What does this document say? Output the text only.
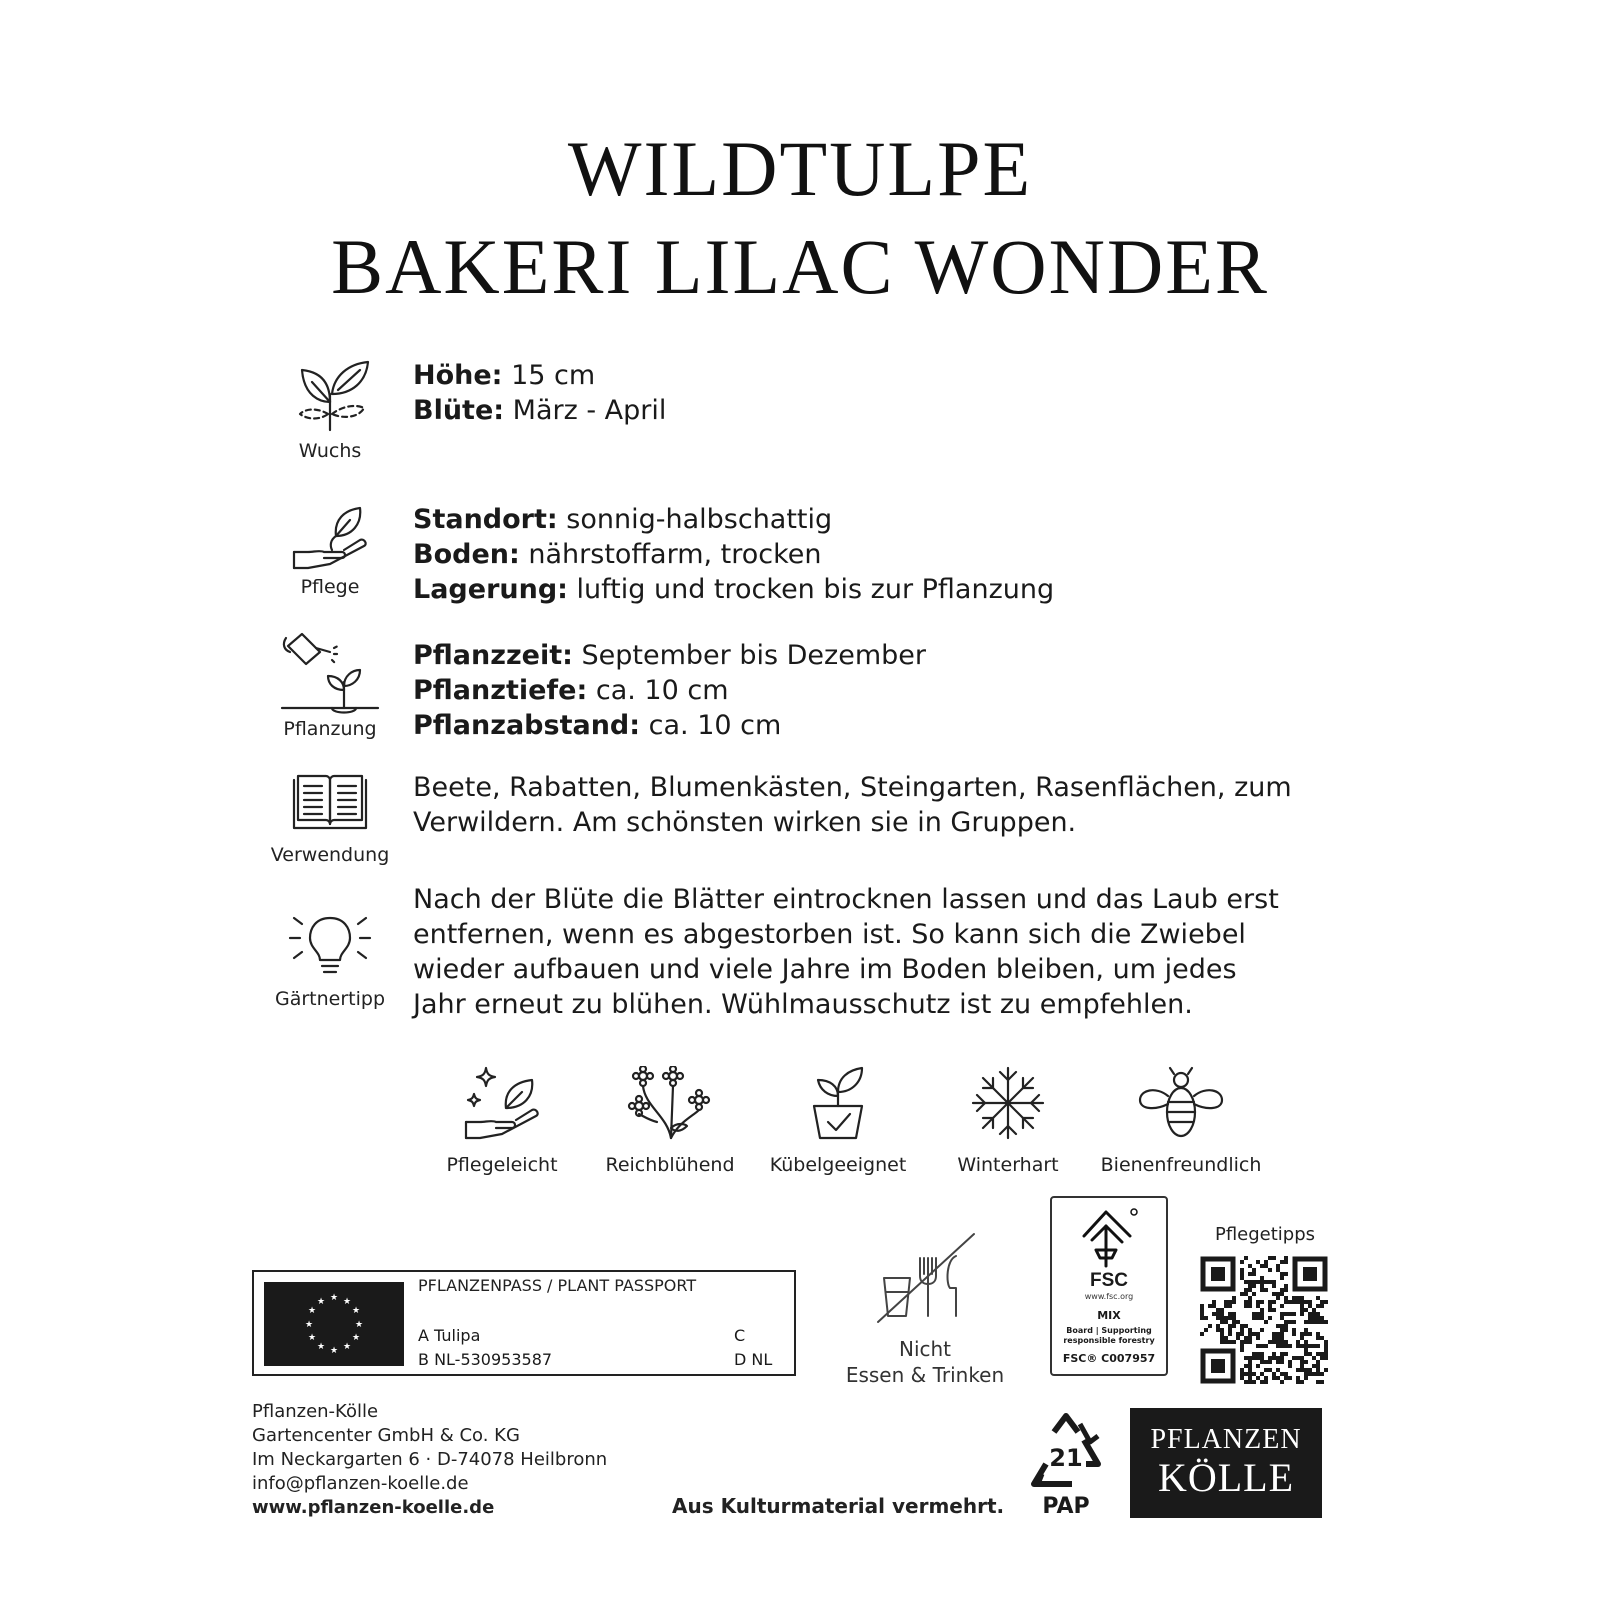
WILDTULPE
BAKERI LILAC WONDER
Wuchs
Höhe: 15 cm
Blüte: März - April
Pflege
Standort: sonnig-halbschattig
Boden: nährstoffarm, trocken
Lagerung: luftig und trocken bis zur Pflanzung
Pflanzung
Pflanzzeit: September bis Dezember
Pflanztiefe: ca. 10 cm
Pflanzabstand: ca. 10 cm
Verwendung
Beete, Rabatten, Blumenkästen, Steingarten, Rasenflächen, zum Verwildern. Am schönsten wirken sie in Gruppen.
Gärtnertipp
Nach der Blüte die Blätter eintrocknen lassen und das Laub erst entfernen, wenn es abgestorben ist. So kann sich die Zwiebel wieder aufbauen und viele Jahre im Boden bleiben, um jedes Jahr erneut zu blühen. Wühlmausschutz ist zu empfehlen.
Pflegeleicht	Reichblühend	Kübelgeeignet	Winterhart	Bienenfreundlich
★ ★
★
★
★
★
★
★
★
★
★
★
PFLANZENPASS / PLANT PASSPORT
A Tulipa
B NL-530953587
C
D NL	Nicht
Essen & Trinken
FSC
www.fsc.org
MIX
Board | Supporting
responsible forestry
FSC® C007957
Pflegetipps
Pflanzen-Kölle
Gartencenter GmbH & Co. KG
Im Neckargarten 6 · D-74078 Heilbronn
info@pflanzen-koelle.de
www.pflanzen-koelle.de	Aus Kulturmaterial vermehrt.
21
PAP
PFLANZEN
KÖLLE
